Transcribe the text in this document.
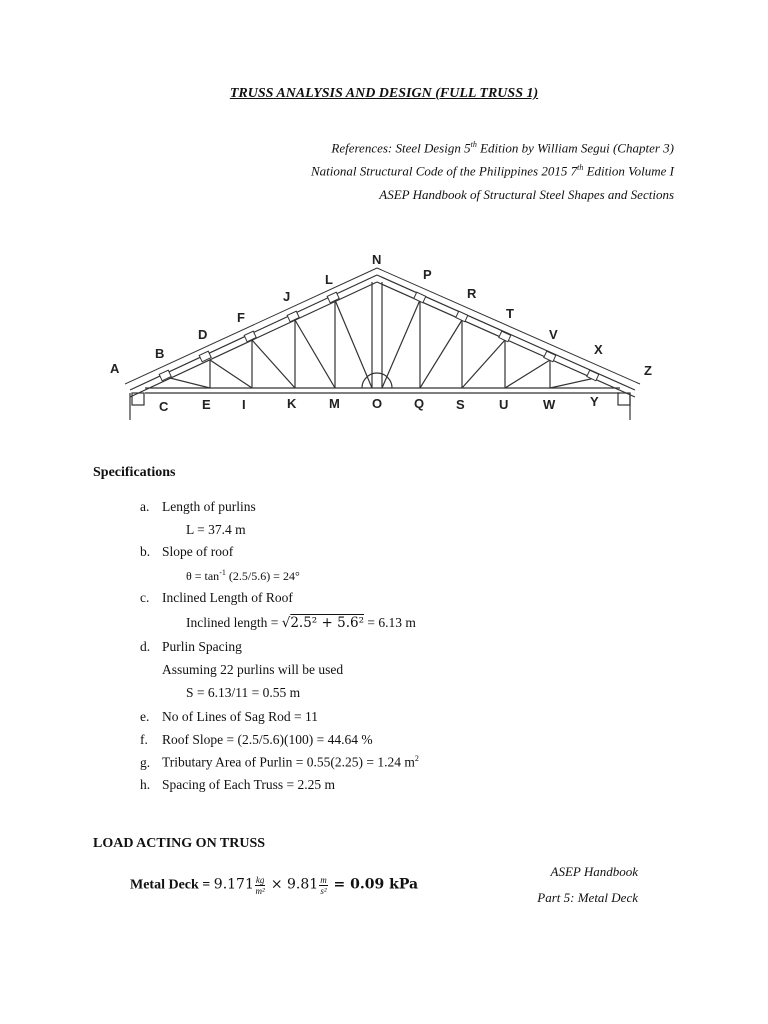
TRUSS ANALYSIS AND DESIGN (FULL TRUSS 1)
References: Steel Design 5th Edition by William Segui (Chapter 3)
National Structural Code of the Philippines 2015 7th Edition Volume I
ASEP Handbook of Structural Steel Shapes and Sections
A
B
D
F
J
L
N
P
R
T
V
X
Z
C	E I	K	M O Q S	U	W	Y
Specifications
a. Length of purlins
L = 37.4 m
b. Slope of roof
$\theta = \tan^{-1} (2.5/5.6) = 24^\circ$
c. Inclined Length of Roof
Inclined length = √2.5² + 5.6² = 6.13 m
d. Purlin Spacing
Assuming 22 purlins will be used
S = 6.13/11 = 0.55 m
e. No of Lines of Sag Rod = 11
f. Roof Slope = (2.5/5.6)(100) = 44.64 %
g. Tributary Area of Purlin = 0.55(2.25) = 1.24 $m^2$
h. Spacing of Each Truss = 2.25 m
LOAD ACTING ON TRUSS
ASEP Handbook
Part 5: Metal Deck
Metal Deck = $9.171 \frac{kg}{\text{m²}} \times 9.81 \frac{m}{\text{s²}} = 0.09$ kPa
